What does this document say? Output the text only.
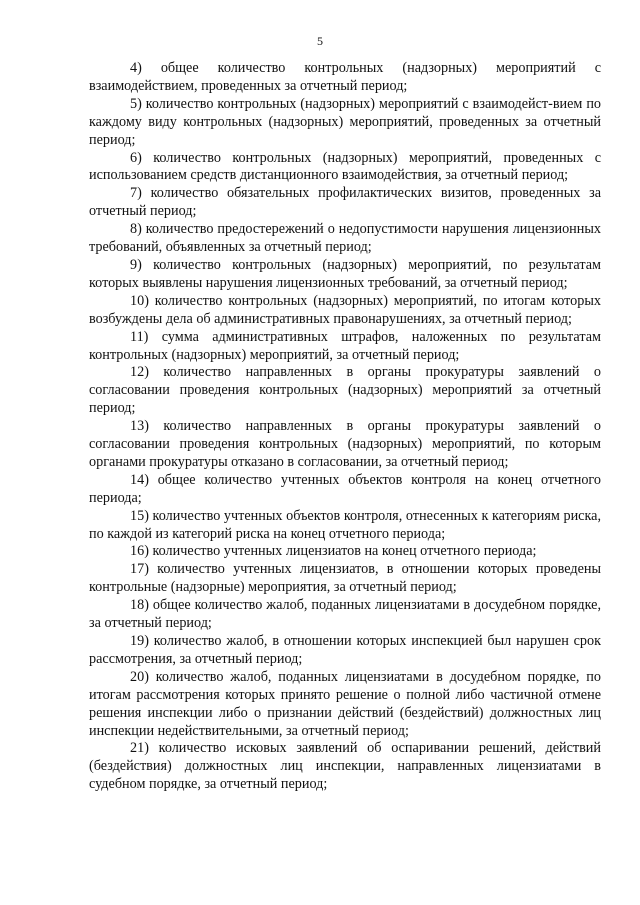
5

4) общее количество контрольных (надзорных) мероприятий с взаимодействием, проведенных за отчетный период;

5) количество контрольных (надзорных) мероприятий с взаимодейст-вием по каждому виду контрольных (надзорных) мероприятий, проведенных за отчетный период;

6) количество контрольных (надзорных) мероприятий, проведенных с использованием средств дистанционного взаимодействия, за отчетный период;

7) количество обязательных профилактических визитов, проведенных за отчетный период;

8) количество предостережений о недопустимости нарушения лицензионных требований, объявленных за отчетный период;

9) количество контрольных (надзорных) мероприятий, по результатам которых выявлены нарушения лицензионных требований, за отчетный период;

10) количество контрольных (надзорных) мероприятий, по итогам которых возбуждены дела об административных правонарушениях, за отчетный период;

11) сумма административных штрафов, наложенных по результатам контрольных (надзорных) мероприятий, за отчетный период;

12) количество направленных в органы прокуратуры заявлений о согласовании проведения контрольных (надзорных) мероприятий за отчетный период;

13) количество направленных в органы прокуратуры заявлений о согласовании проведения контрольных (надзорных) мероприятий, по которым органами прокуратуры отказано в согласовании, за отчетный период;

14) общее количество учтенных объектов контроля на конец отчетного периода;

15) количество учтенных объектов контроля, отнесенных к категориям риска, по каждой из категорий риска на конец отчетного периода;

16) количество учтенных лицензиатов на конец отчетного периода;

17) количество учтенных лицензиатов, в отношении которых проведены контрольные (надзорные) мероприятия, за отчетный период;

18) общее количество жалоб, поданных лицензиатами в досудебном порядке, за отчетный период;

19) количество жалоб, в отношении которых инспекцией был нарушен срок рассмотрения, за отчетный период;

20) количество жалоб, поданных лицензиатами в досудебном порядке, по итогам рассмотрения которых принято решение о полной либо частичной отмене решения инспекции либо о признании действий (бездействий) должностных лиц инспекции недействительными, за отчетный период;

21) количество исковых заявлений об оспаривании решений, действий (бездействия) должностных лиц инспекции, направленных лицензиатами в судебном порядке, за отчетный период;
